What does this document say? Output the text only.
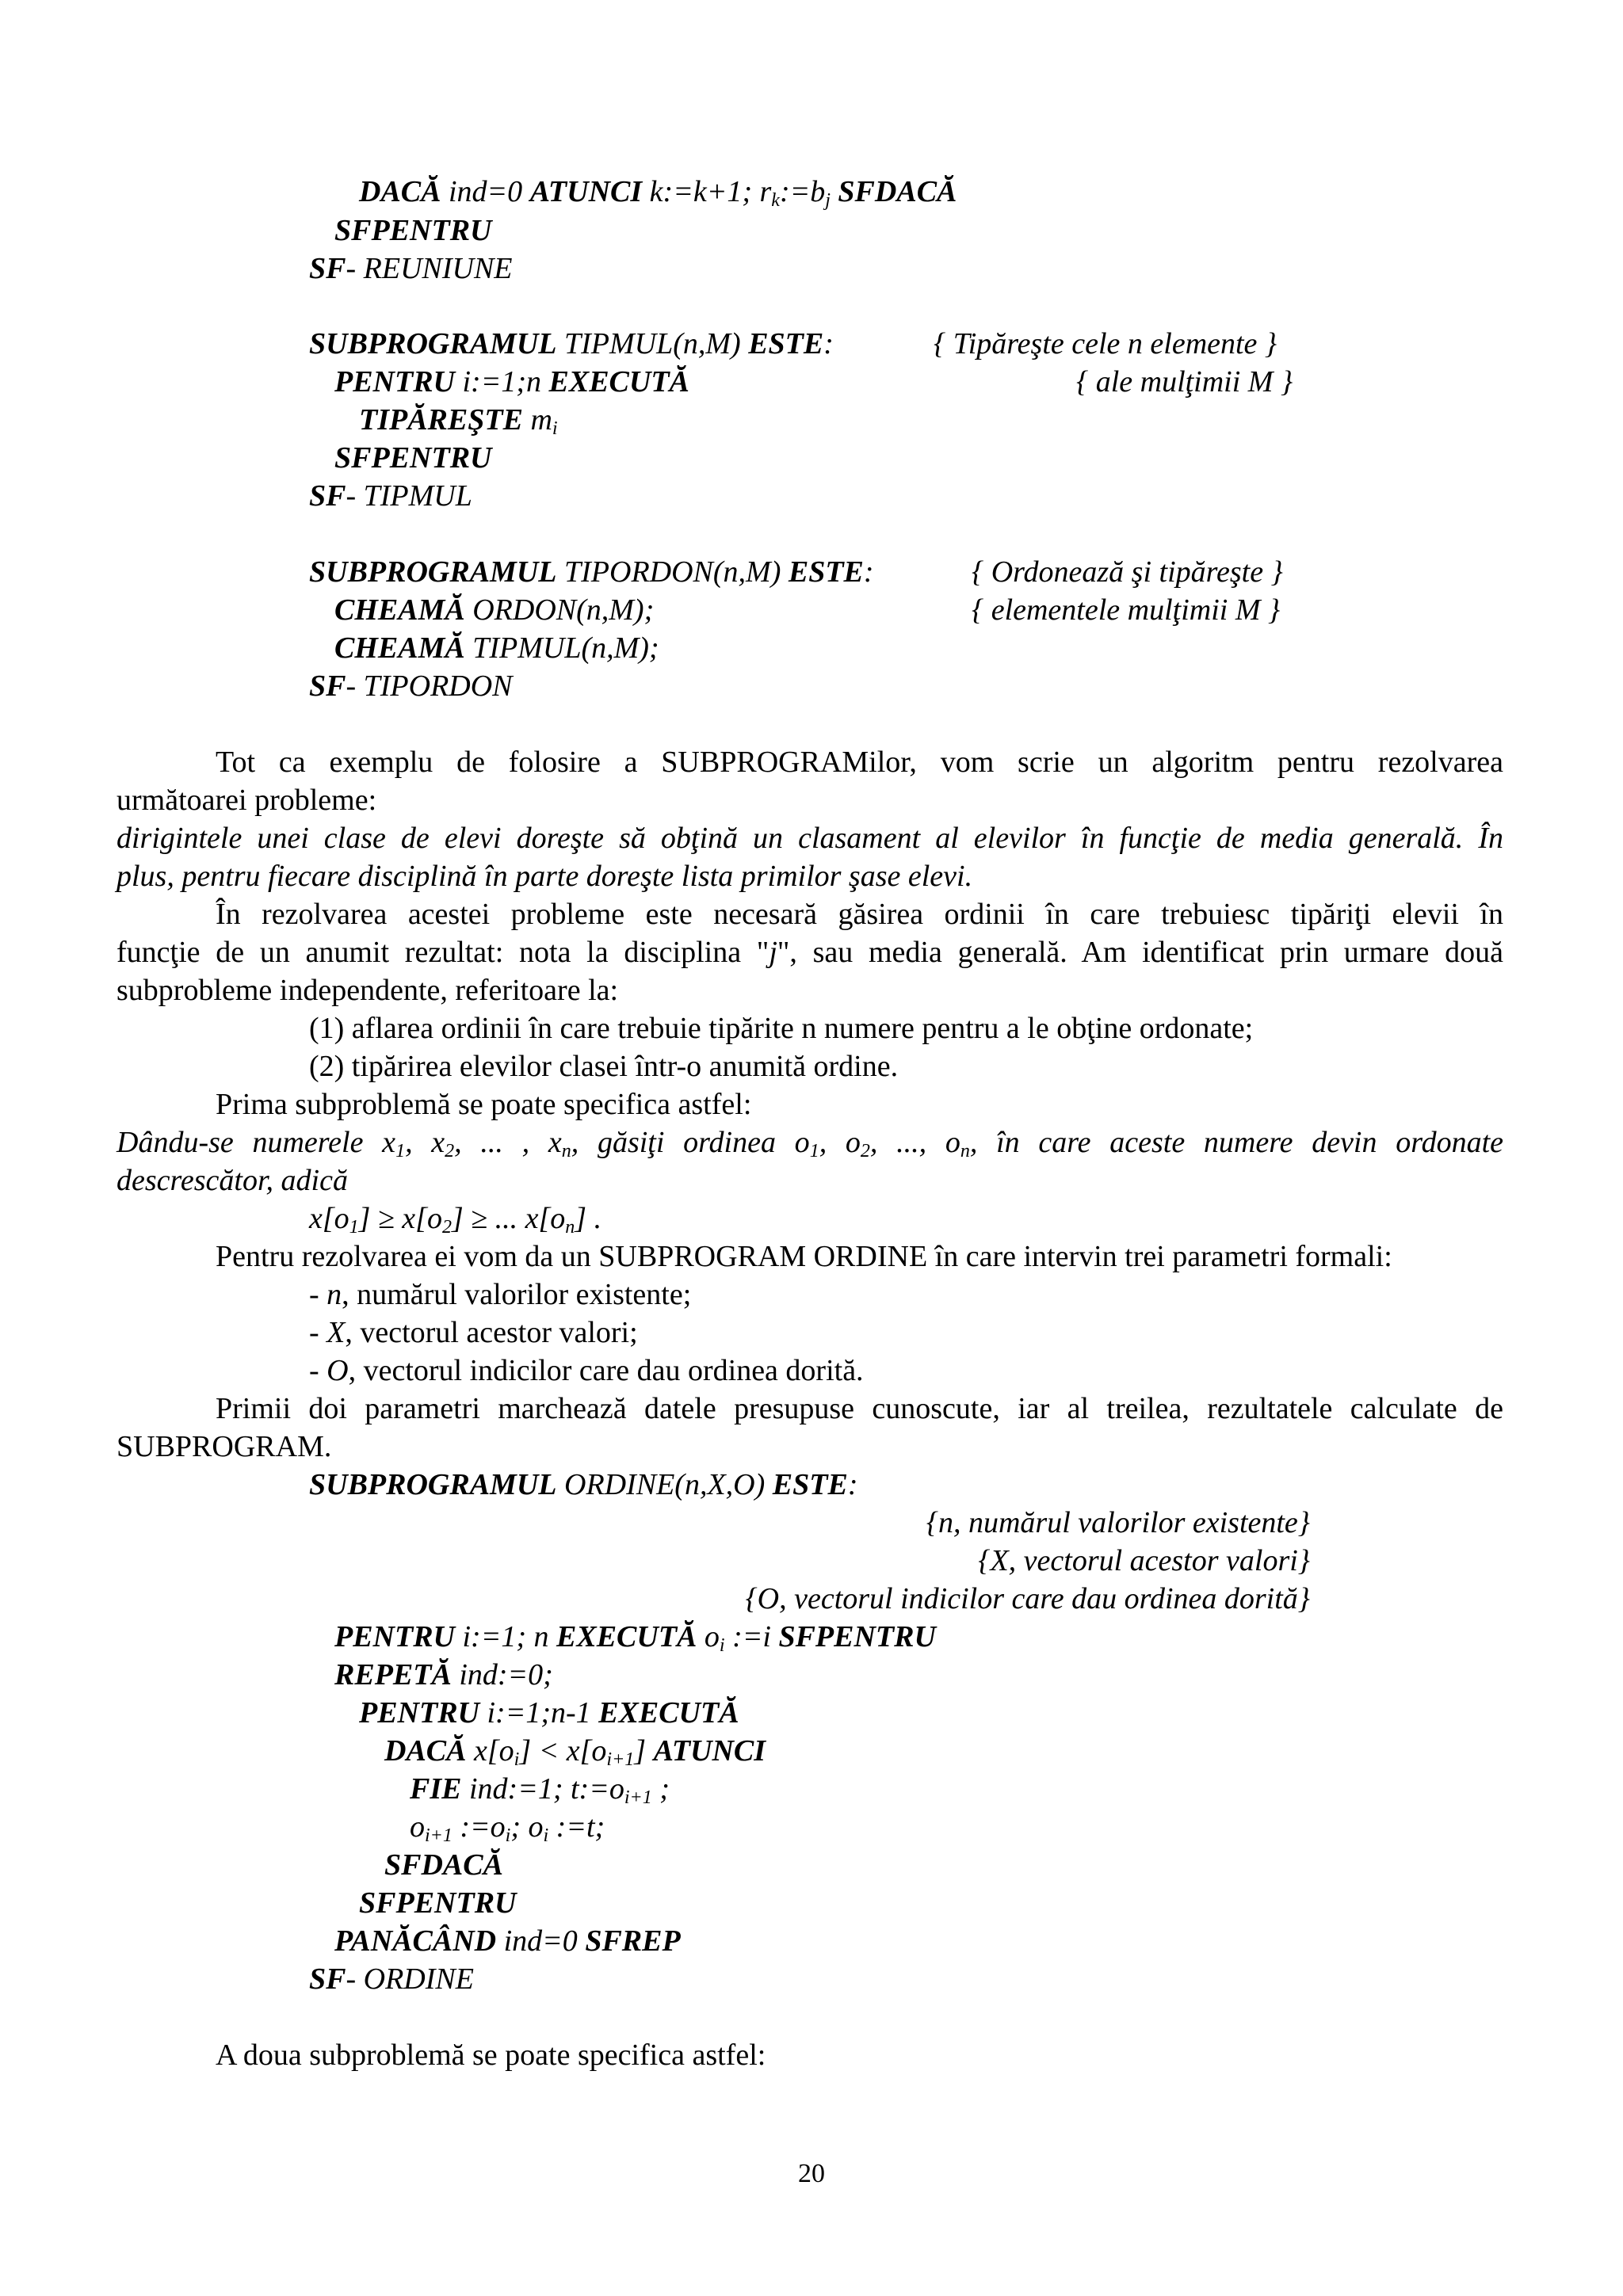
DACĂ ind=0 ATUNCI k:=k+1; $r_k:=b_j$ SFDACĂ
SFPENTRU
SF- REUNIUNE
SUBPROGRAMUL TIPMUL(n,M) ESTE:	{ Tipăreşte cele n elemente }
PENTRU i:=1;n EXECUTĂ	{ ale mulţimii M }
TIPĂREŞTE $m_i$
SFPENTRU
SF- TIPMUL
SUBPROGRAMUL TIPORDON(n,M) ESTE:	{ Ordonează şi tipăreşte }
CHEAMĂ ORDON(n,M);	{ elementele mulţimii M }
CHEAMĂ TIPMUL(n,M);
SF- TIPORDON
Tot ca exemplu de folosire a SUBPROGRAMilor, vom scrie un algoritm pentru rezolvarea
următoarei probleme:
dirigintele unei clase de elevi doreşte să obţină un clasament al elevilor în funcţie de media generală. În
plus, pentru fiecare disciplină în parte doreşte lista primilor şase elevi.
În rezolvarea acestei probleme este necesară găsirea ordinii în care trebuiesc tipăriţi elevii în
funcţie de un anumit rezultat: nota la disciplina "j", sau media generală. Am identificat prin urmare două
subprobleme independente, referitoare la:
(1) aflarea ordinii în care trebuie tipărite n numere pentru a le obţine ordonate;
(2) tipărirea elevilor clasei într-o anumită ordine.
Prima subproblemă se poate specifica astfel:
Dându-se numerele $x_1$, $x_2$, ... , $x_n$, găsiţi ordinea $o_1$, $o_2$, ..., $o_n$, în care aceste numere devin ordonate
descrescător, adică
$x[o_1] \ge x[o_2]$ ≥ ... $x[o_n]$ .
Pentru rezolvarea ei vom da un SUBPROGRAM ORDINE în care intervin trei parametri formali:
- n, numărul valorilor existente;
- X, vectorul acestor valori;
- O, vectorul indicilor care dau ordinea dorită.
Primii doi parametri marchează datele presupuse cunoscute, iar al treilea, rezultatele calculate de
SUBPROGRAM.
SUBPROGRAMUL ORDINE(n,X,O) ESTE:
{n, numărul valorilor existente}
{X, vectorul acestor valori}
{O, vectorul indicilor care dau ordinea dorită}
PENTRU i:=1; n EXECUTĂ $o_i$ :=i SFPENTRU
REPETĂ ind:=0;
PENTRU i:=1;n-1 EXECUTĂ
DACĂ $x[o_i] < x[o_{i+1}]$ ATUNCI
FIE ind:=1; $t:=o_{i+1}$ ;
$o_{i+1}$ $:=o_i$; $o_i$ :=t;
SFDACĂ
SFPENTRU
PANĂCÂND ind=0 SFREP
SF- ORDINE
A doua subproblemă se poate specifica astfel:
20
